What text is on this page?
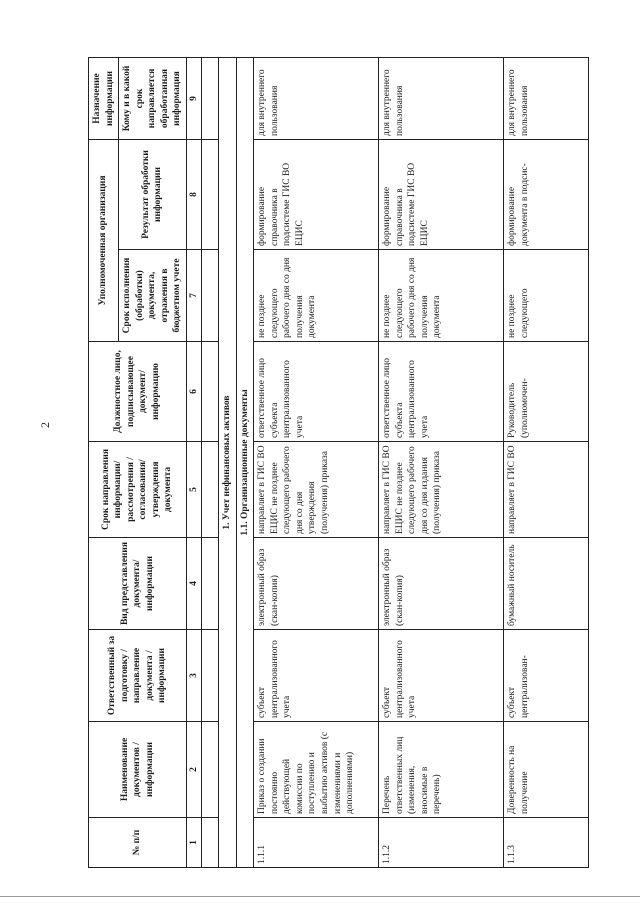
2
№ п/п	Наименование документов / информации	Ответственный за подготовку / направление документа / информации	Вид представления документа/ информации	Срок направления информации/ рассмотрения / согласования/ утверждения документа	Должностное лицо, подписывающее документ/ информацию	Уполномоченная организация		Назначение информации
						Срок исполнения (обработки) документа, отражения в бюджетном учете	Результат обработки информации	Кому и в какой срок направляется обработанная информация
1	2	3	4	5	6	7	8	9

1. Учет нефинансовых активов								
1.1. Организационные документы								
1.1.1	Приказ о создании постоянно действующей комиссии по поступлению и выбытию активов (с изменениями и дополнениями)	субъект централизованного учета	электронный образ (скан-копия)	направляет в ГИС ВО ЕЦИС не позднее следующего рабочего дня со дня утверждения (получения) приказа	ответственное лицо субъекта централизованного учета	не позднее следующего рабочего дня со дня получения документа	формирование справочника в подсистеме ГИС ВО ЕЦИС	для внутреннего пользования
1.1.2	Перечень ответственных лиц (изменения, вносимые в перечень)	субъект централизованного учета	электронный образ (скан-копия)	направляет в ГИС ВО ЕЦИС не позднее следующего рабочего дня со дня издания (получения) приказа	ответственное лицо субъекта централизованного учета	не позднее следующего рабочего дня со дня получения документа	формирование справочника в подсистеме ГИС ВО ЕЦИС	для внутреннего пользования
1.1.3	Доверенность на получение	субъект централизован-	бумажный носитель	направляет в ГИС ВО	Руководитель (уполномочен-	не позднее следующего	формирование документа в подсис-	для внутреннего пользования
